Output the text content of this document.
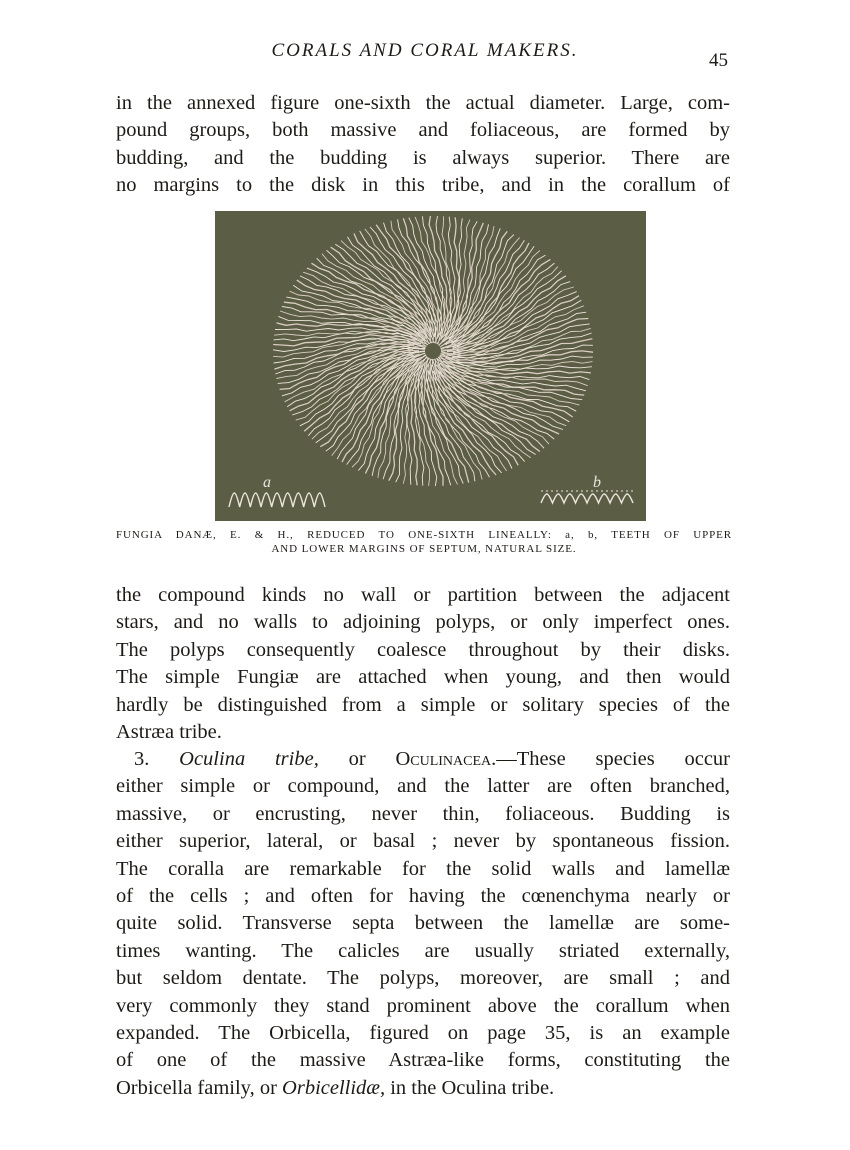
CORALS AND CORAL MAKERS.	45
in the annexed figure one-sixth the actual diameter. Large, com-
pound groups, both massive and foliaceous, are formed by
budding, and the budding is always superior. There are
no margins to the disk in this tribe, and in the corallum of
a	b
FUNGIA DANÆ, E. & H., REDUCED TO ONE-SIXTH LINEALLY: a, b, TEETH OF UPPER
AND LOWER MARGINS OF SEPTUM, NATURAL SIZE.
the compound kinds no wall or partition between the adjacent
stars, and no walls to adjoining polyps, or only imperfect ones.
The polyps consequently coalesce throughout by their disks.
The simple Fungiæ are attached when young, and then would
hardly be distinguished from a simple or solitary species of the
Astræa tribe.
3. Oculina tribe, or Oculinacea.—These species occur
either simple or compound, and the latter are often branched,
massive, or encrusting, never thin, foliaceous. Budding is
either superior, lateral, or basal ; never by spontaneous fission.
The coralla are remarkable for the solid walls and lamellæ
of the cells ; and often for having the cœnenchyma nearly or
quite solid. Transverse septa between the lamellæ are some-
times wanting. The calicles are usually striated externally,
but seldom dentate. The polyps, moreover, are small ; and
very commonly they stand prominent above the corallum when
expanded. The Orbicella, figured on page 35, is an example
of one of the massive Astræa-like forms, constituting the
Orbicella family, or Orbicellidæ, in the Oculina tribe.
